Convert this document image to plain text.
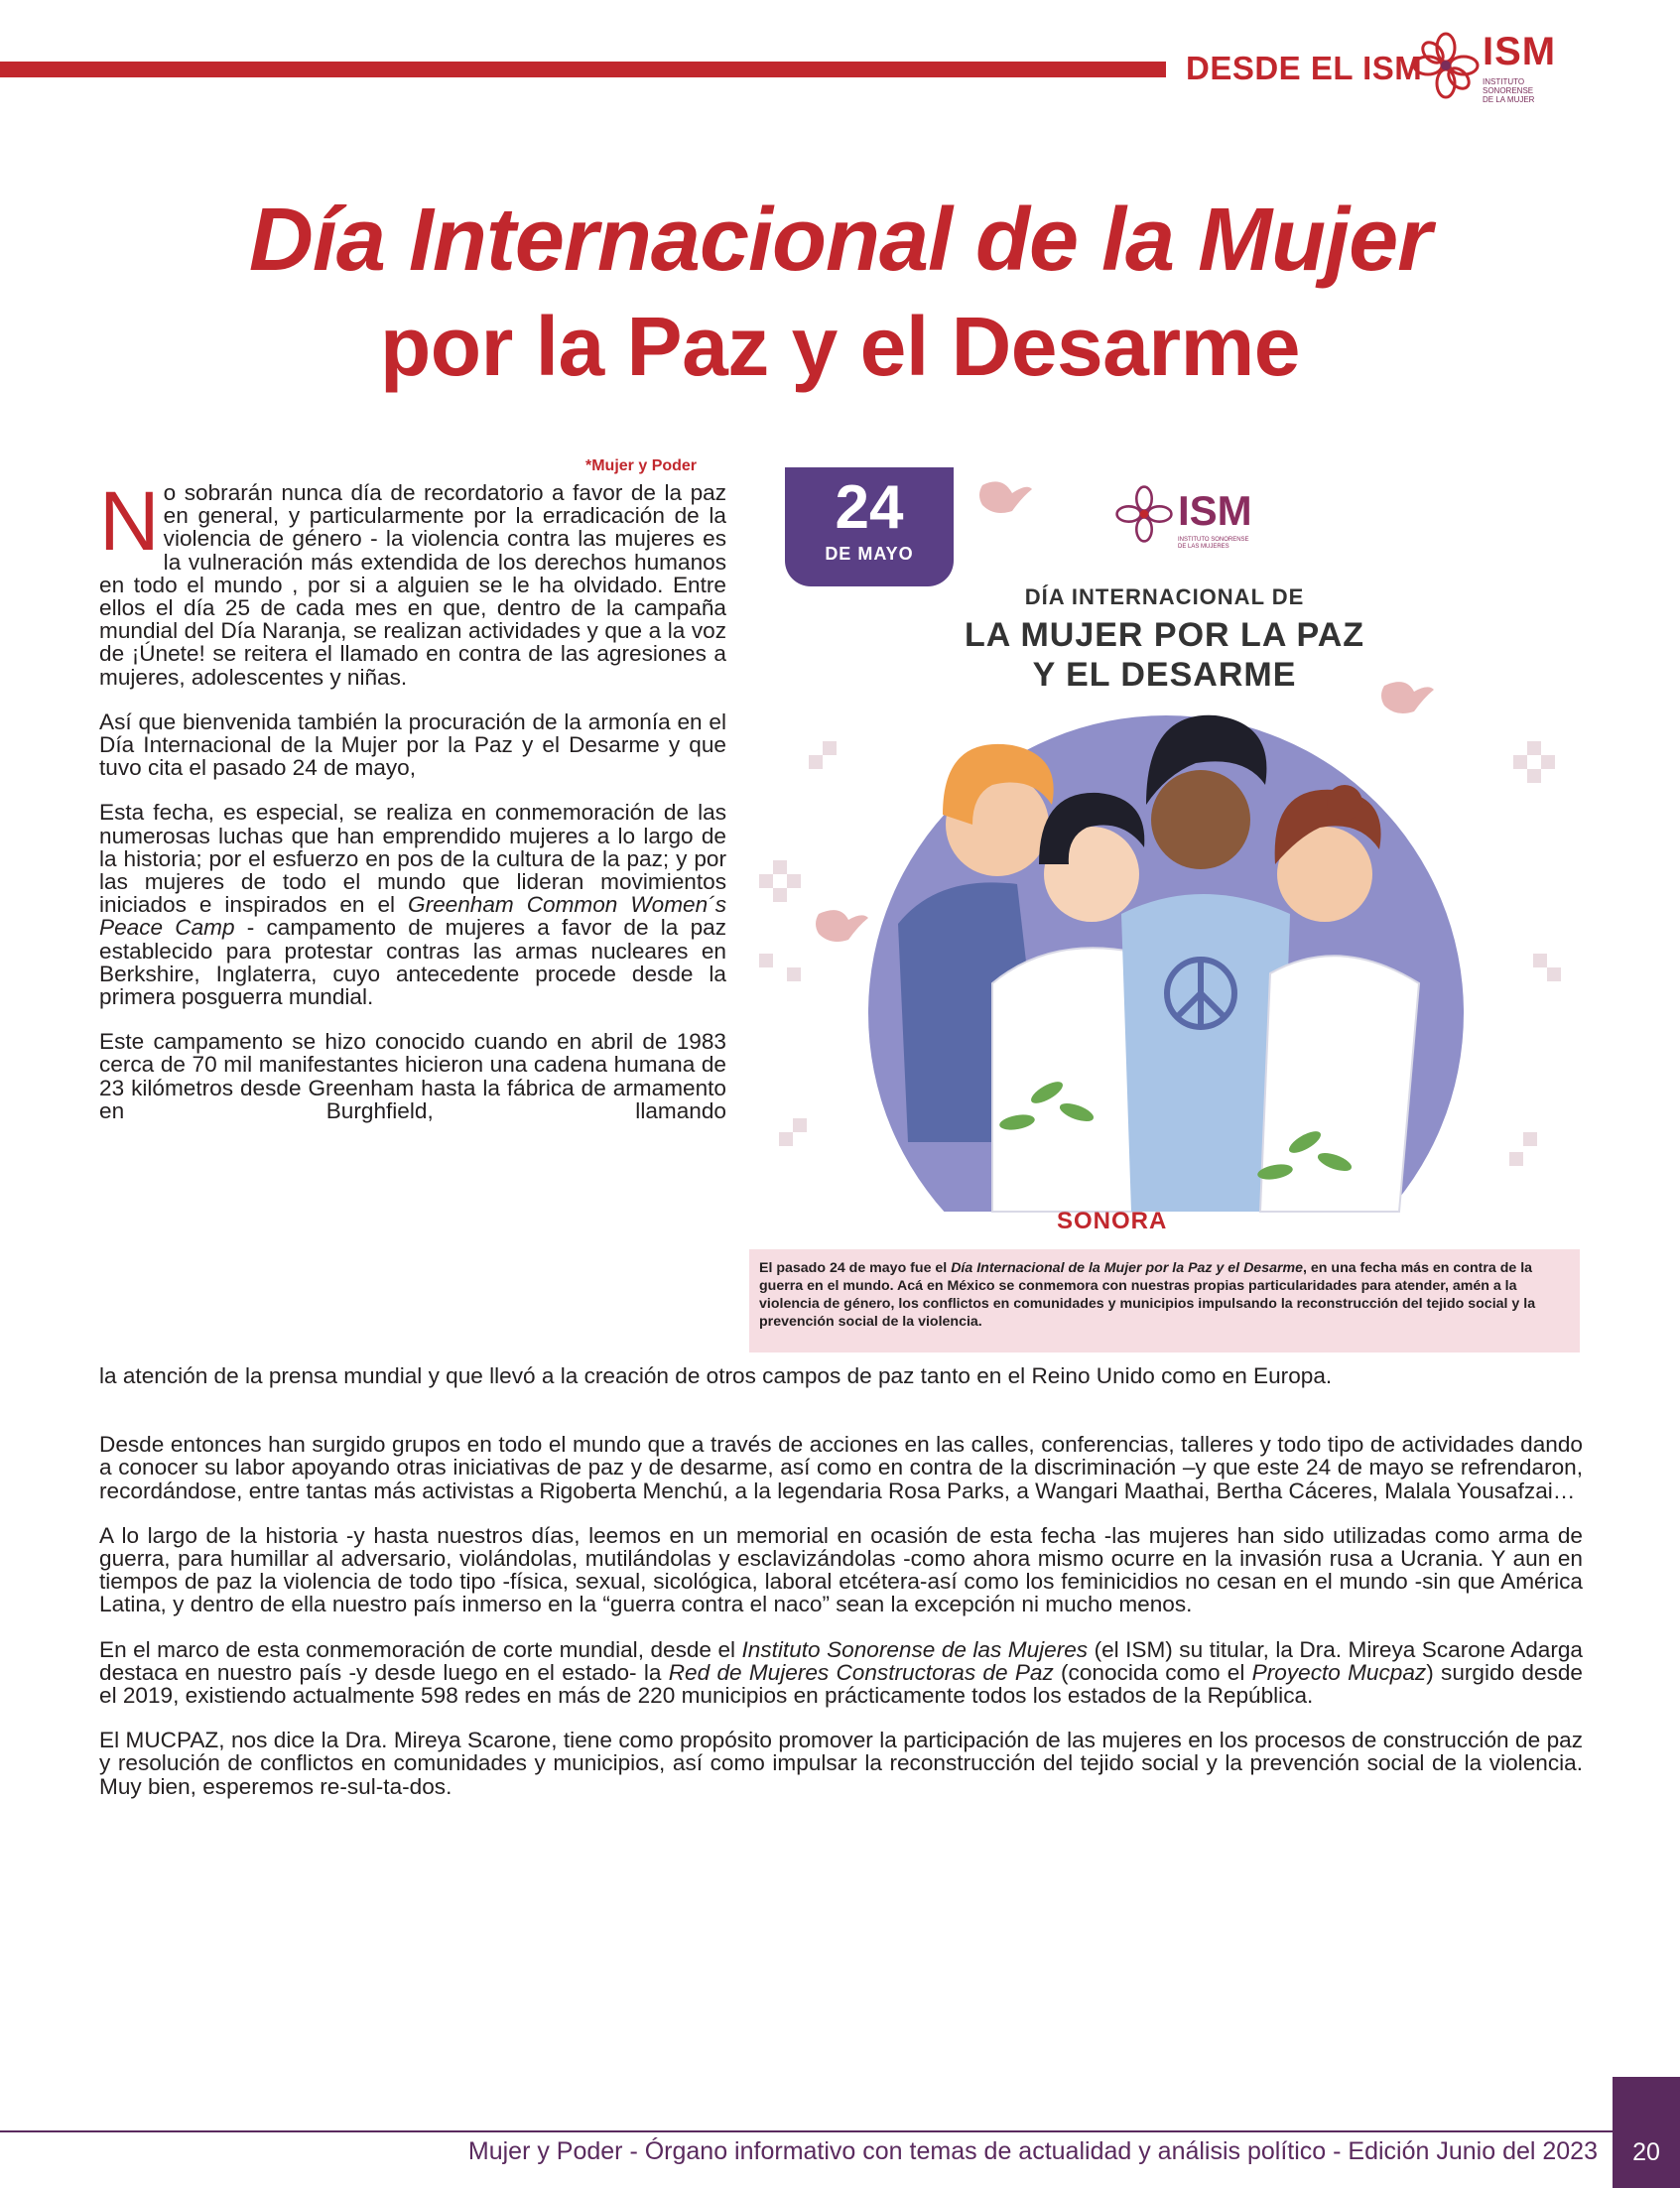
DESDE EL ISM ISM
INSTITUTO SONORENSE
DE LA MUJER
Día Internacional de la Mujer
por la Paz y el Desarme
*Mujer y Poder

No sobrarán nunca día de recordatorio a favor de la paz en general, y particularmente por la erradicación de la violencia de género - la violencia contra las mujeres es la vulneración más extendida de los derechos humanos en todo el mundo , por si a alguien se le ha olvidado. Entre ellos el día 25 de cada mes en que, dentro de la campaña mundial del Día Naranja, se realizan actividades y que a la voz de ¡Únete! se reitera el llamado en contra de las agresiones a mujeres, adolescentes y niñas.

Así que bienvenida también la procuración de la armonía en el Día Internacional de la Mujer por la Paz y el Desarme y que tuvo cita el pasado 24 de mayo,

Esta fecha, es especial, se realiza en conmemoración de las numerosas luchas que han emprendido mujeres a lo largo de la historia; por el esfuerzo en pos de la cultura de la paz; y por las mujeres de todo el mundo que lideran movimientos iniciados e inspirados en el Greenham Common Women´s Peace Camp - campamento de mujeres a favor de la paz establecido para protestar contras las armas nucleares en Berkshire, Inglaterra, cuyo antecedente procede desde la primera posguerra mundial.

Este campamento se hizo conocido cuando en abril de 1983 cerca de 70 mil manifestantes hicieron una cadena humana de 23 kilómetros desde Greenham hasta la fábrica de armamento en Burghfield, llamando

24
DE MAYO
ISM
INSTITUTO SONORENSE
DE LAS MUJERES
DÍA INTERNACIONAL DE
LA MUJER POR LA PAZ
Y EL DESARME
SONORA
El pasado 24 de mayo fue el Día Internacional de la Mujer por la Paz y el Desarme, en una fecha más en contra de la guerra en el mundo. Acá en México se conmemora con nuestras propias particularidades para atender, amén a la violencia de género, los conflictos en comunidades y municipios impulsando la reconstrucción del tejido social y la prevención social de la violencia.

la atención de la prensa mundial y que llevó a la creación de otros campos de paz tanto en el Reino Unido como en Europa.

Desde entonces han surgido grupos en todo el mundo que a través de acciones en las calles, conferencias, talleres y todo tipo de actividades dando a conocer su labor apoyando otras iniciativas de paz y de desarme, así como en contra de la discriminación –y que este 24 de mayo se refrendaron, recordándose, entre tantas más activistas a Rigoberta Menchú, a la legendaria Rosa Parks, a Wangari Maathai, Bertha Cáceres, Malala Yousafzai…

A lo largo de la historia -y hasta nuestros días, leemos en un memorial en ocasión de esta fecha -las mujeres han sido utilizadas como arma de guerra, para humillar al adversario, violándolas, mutilándolas y esclavizándolas -como ahora mismo ocurre en la invasión rusa a Ucrania. Y aun en tiempos de paz la violencia de todo tipo -física, sexual, sicológica, laboral etcétera-así como los feminicidios no cesan en el mundo -sin que América Latina, y dentro de ella nuestro país inmerso en la “guerra contra el naco” sean la excepción ni mucho menos.

En el marco de esta conmemoración de corte mundial, desde el Instituto Sonorense de las Mujeres (el ISM) su titular, la Dra. Mireya Scarone Adarga destaca en nuestro país -y desde luego en el estado- la Red de Mujeres Constructoras de Paz (conocida como el Proyecto Mucpaz) surgido desde el 2019, existiendo actualmente 598 redes en más de 220 municipios en prácticamente todos los estados de la República.

El MUCPAZ, nos dice la Dra. Mireya Scarone, tiene como propósito promover la participación de las mujeres en los procesos de construcción de paz y resolución de conflictos en comunidades y municipios, así como impulsar la reconstrucción del tejido social y la prevención social de la violencia. Muy bien, esperemos re-sul-ta-dos.

Mujer y Poder - Órgano informativo con temas de actualidad y análisis político - Edición Junio del 2023	20
